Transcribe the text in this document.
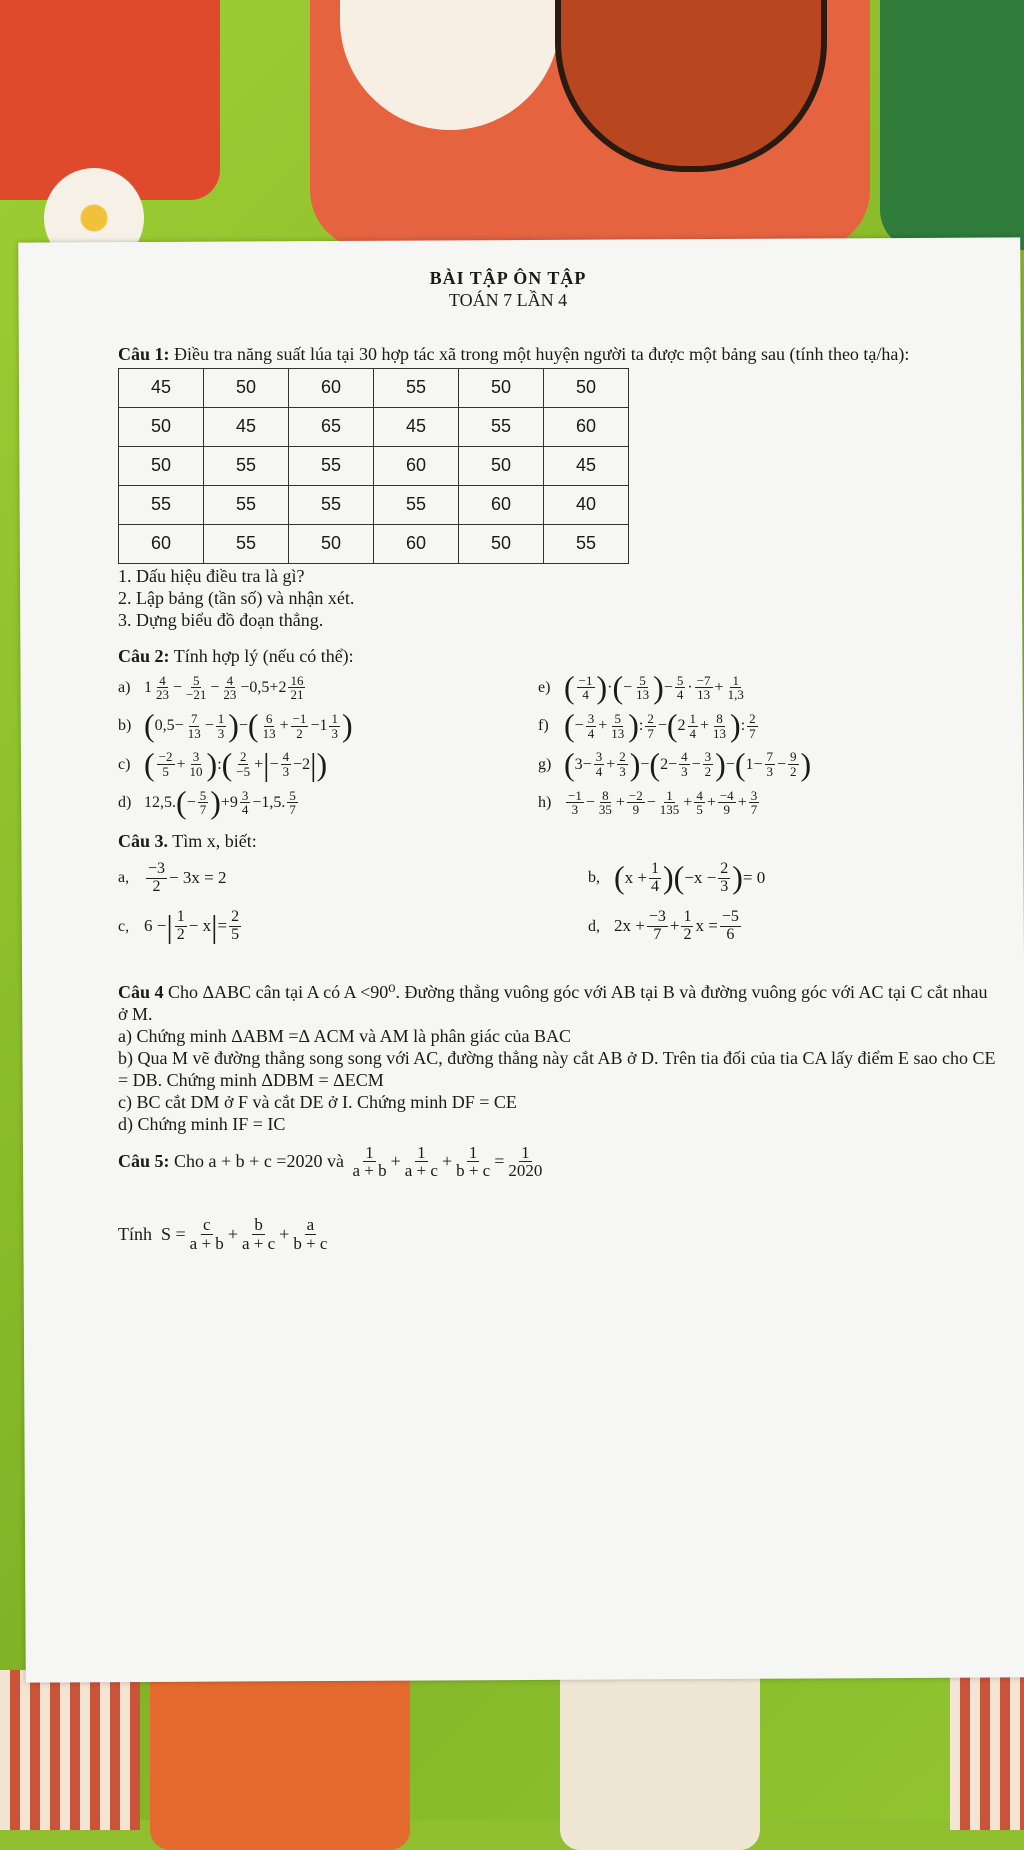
BÀI TẬP ÔN TẬP
TOÁN 7 LẦN 4

Câu 1: Điều tra năng suất lúa tại 30 hợp tác xã trong một huyện người ta được một bảng sau (tính theo tạ/ha):

45	50	60	55	50	50
50	45	65	45	55	60
50	55	55	60	50	45
55	55	55	55	60	40
60	55	50	60	50	55

1. Dấu hiệu điều tra là gì?

2. Lập bảng (tần số) và nhận xét.

3. Dựng biểu đồ đoạn thẳng.

Câu 2: Tính hợp lý (nếu có thể):

a) $1 \frac{4}{23} - \frac{5}{-21} - \frac{4}{23} -0,5+2 \frac{16}{21}$	e) ( $\frac{-1}{4}$ ) · ( − $\frac{5}{13}$ ) − $\frac{5}{4} \cdot \frac{-7}{13} + \frac{1}{1,3}$
b) ( $0,5- \frac{7}{13} - \frac{1}{3}$ ) − ( $\frac{6}{13} + \frac{-1}{2} -1 \frac{1}{3}$ )	f) ( − $\frac{3}{4} + \frac{5}{13}$ ) : $\frac{2}{7}$ − ( $2 \frac{1}{4} + \frac{8}{13}$ ) : $\frac{2}{7}$
c) ( $\frac{-2}{5} + \frac{3}{10}$ ) : ( $\frac{2}{-5}$ + | − $\frac{4}{3} -2$ | )	g) ( $3- \frac{3}{4} + \frac{2}{3}$ ) − ( $2- \frac{4}{3} - \frac{3}{2}$ ) − ( $1- \frac{7}{3} - \frac{9}{2}$ )
d) 12,5. ( − $\frac{5}{7}$ ) $+9 \frac{3}{4} -1,5$. $\frac{5}{7}$	h)	$\frac{-1}{3} - \frac{8}{35} + \frac{-2}{9} - \frac{1}{135} + \frac{4}{5} + \frac{-4}{9} + \frac{3}{7}$

Câu 3. Tìm x, biết:

a,	$\frac{-3}{2} - 3x = 2$	b, ( $x + \frac{1}{4}$ ) ( $-x - \frac{2}{3}$ ) = 0
c, 6 − | $\frac{1}{2} - x$ | = $\frac{2}{5}$	d, $2x + \frac{-3}{7} + \frac{1}{2}$ $x = \frac{-5}{6}$

Câu 4 Cho ΔABC cân tại A có A <90⁰. Đường thẳng vuông góc với AB tại B và đường vuông góc với AC tại C cắt nhau ở M.

a) Chứng minh ΔABM =Δ ACM và AM là phân giác của BAC

b) Qua M vẽ đường thẳng song song với AC, đường thẳng này cắt AB ở D. Trên tia đối của tia CA lấy điểm E sao cho CE = DB. Chứng minh ΔDBM = ΔECM

c) BC cắt DM ở F và cắt DE ở I. Chứng minh DF = CE

d) Chứng minh IF = IC

Câu 5:
Cho a + b + c =2020 và
$\frac{1}{a + b} + \frac{1}{a + c} + \frac{1}{b + c} = \frac{1}{2020}$
Tính $S = \frac{c}{a + b} + \frac{b}{a + c} + \frac{a}{b + c}$
